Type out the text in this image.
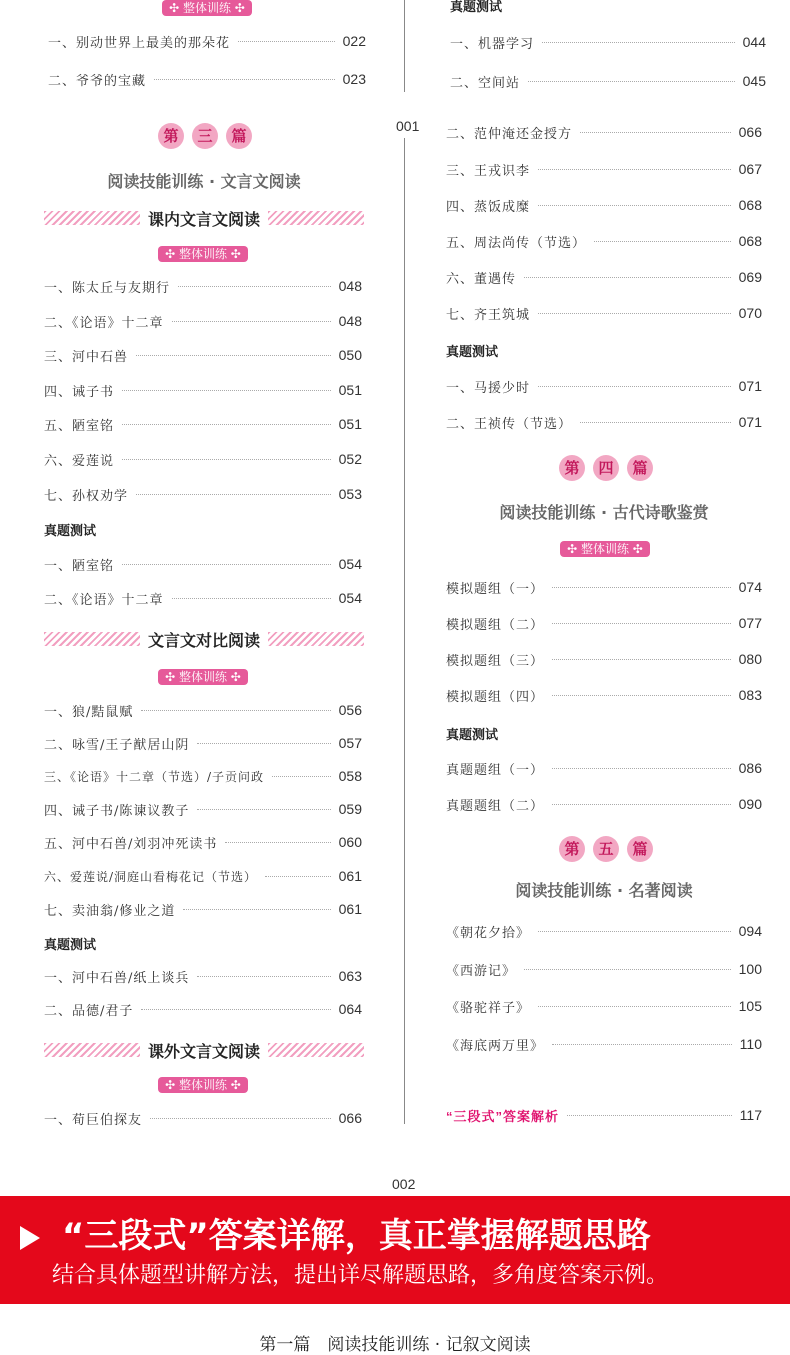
001
✣ 整体训练 ✣
一、别动世界上最美的那朵花	022
二、爷爷的宝藏	023
第	三	篇
阅读技能训练 · 文言文阅读
课内文言文阅读
✣ 整体训练 ✣
一、陈太丘与友期行	048
二、《论语》十二章	048
三、河中石兽	050
四、诫子书	051
五、陋室铭	051
六、爱莲说	052
七、孙权劝学	053
真题测试
一、陋室铭	054
二、《论语》十二章	054
文言文对比阅读
✣ 整体训练 ✣
一、狼/黠鼠赋	056
二、咏雪/王子猷居山阴	057
三、《论语》十二章（节选）/子贡问政	058
四、诫子书/陈谏议教子	059
五、河中石兽/刘羽冲死读书	060
六、爱莲说/洞庭山看梅花记（节选）	061
七、卖油翁/修业之道	061
真题测试
一、河中石兽/纸上谈兵	063
二、品德/君子	064
课外文言文阅读
✣ 整体训练 ✣
一、荀巨伯探友	066
真题测试
一、机器学习	044
二、空间站	045
二、范仲淹还金授方	066
三、王戎识李	067
四、蒸饭成糜	068
五、周法尚传（节选）	068
六、董遇传	069
七、齐王筑城	070
真题测试
一、马援少时	071
二、王祯传（节选）	071
第	四	篇
阅读技能训练 · 古代诗歌鉴赏
✣ 整体训练 ✣
模拟题组（一）	074
模拟题组（二）	077
模拟题组（三）	080
模拟题组（四）	083
真题测试
真题题组（一）	086
真题题组（二）	090
第	五	篇
阅读技能训练 · 名著阅读
《朝花夕拾》	094
《西游记》	100
《骆驼祥子》	105
《海底两万里》	110
“三段式”答案解析	117
002
“三段式”答案详解，真正掌握解题思路
结合具体题型讲解方法，提出详尽解题思路，多角度答案示例。
第一篇　阅读技能训练 · 记叙文阅读
